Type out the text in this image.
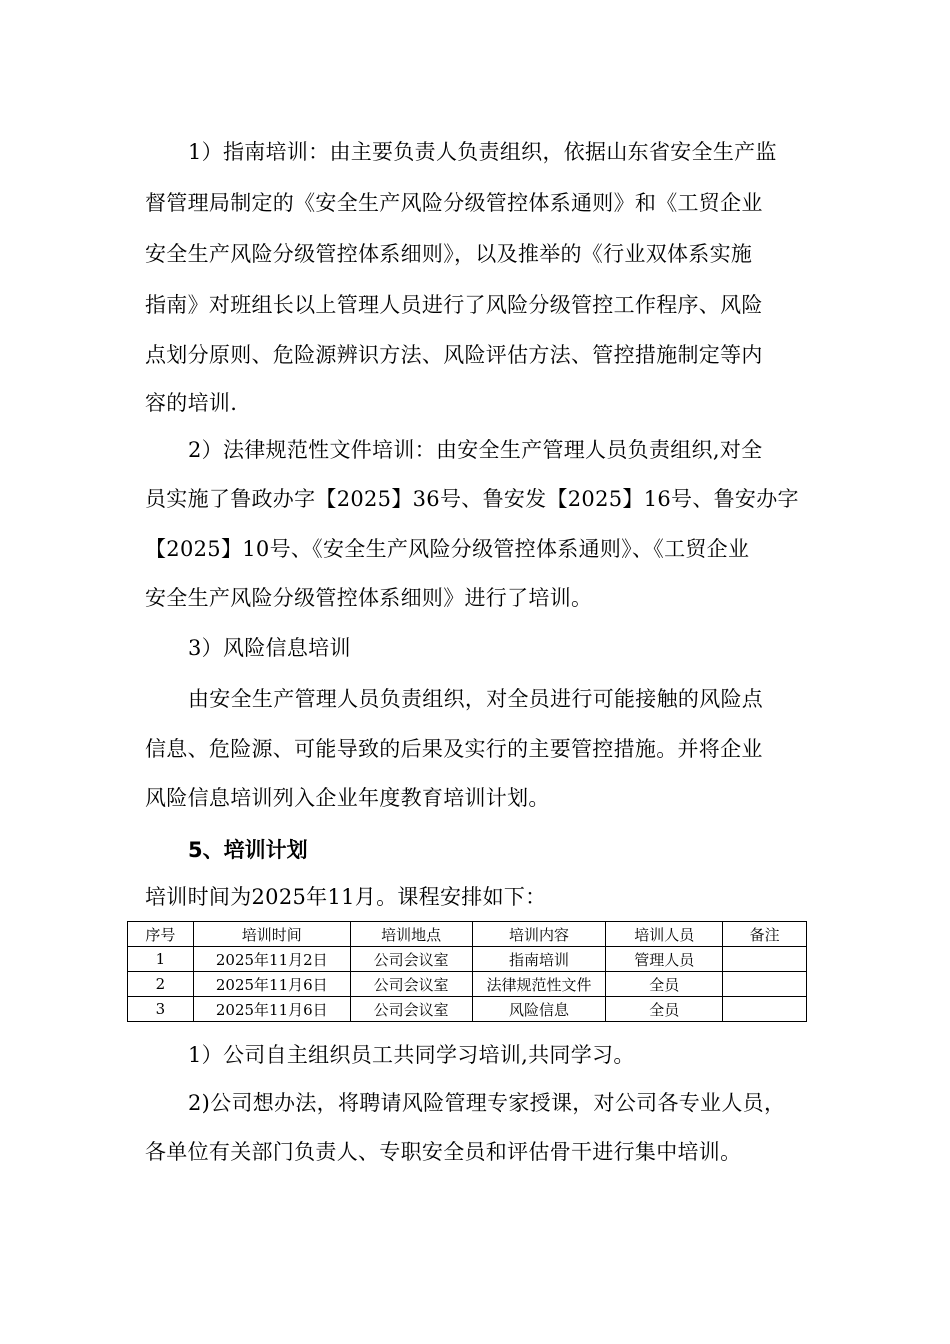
1）指南培训：由主要负责人负责组织，依据山东省安全生产监
督管理局制定的《安全生产风险分级管控体系通则》和《工贸企业
安全生产风险分级管控体系细则》，以及推举的《行业双体系实施
指南》对班组长以上管理人员进行了风险分级管控工作程序、风险
点划分原则、危险源辨识方法、风险评估方法、管控措施制定等内
容的培训.
2）法律规范性文件培训：由安全生产管理人员负责组织,对全
员实施了鲁政办字【2025】36号、鲁安发【2025】16号、鲁安办字
【2025】10号、《安全生产风险分级管控体系通则》、《工贸企业
安全生产风险分级管控体系细则》进行了培训。
3）风险信息培训
由安全生产管理人员负责组织，对全员进行可能接触的风险点
信息、危险源、可能导致的后果及实行的主要管控措施。并将企业
风险信息培训列入企业年度教育培训计划。
5、培训计划
培训时间为2025年11月。课程安排如下：
序号	培训时间	培训地点	培训内容	培训人员	备注
1	2025年11月2日	公司会议室	指南培训	管理人员	
2	2025年11月6日	公司会议室	法律规范性文件	全员	
3	2025年11月6日	公司会议室	风险信息	全员	
1）公司自主组织员工共同学习培训,共同学习。
2)公司想办法，将聘请风险管理专家授课，对公司各专业人员，
各单位有关部门负责人、专职安全员和评估骨干进行集中培训。
